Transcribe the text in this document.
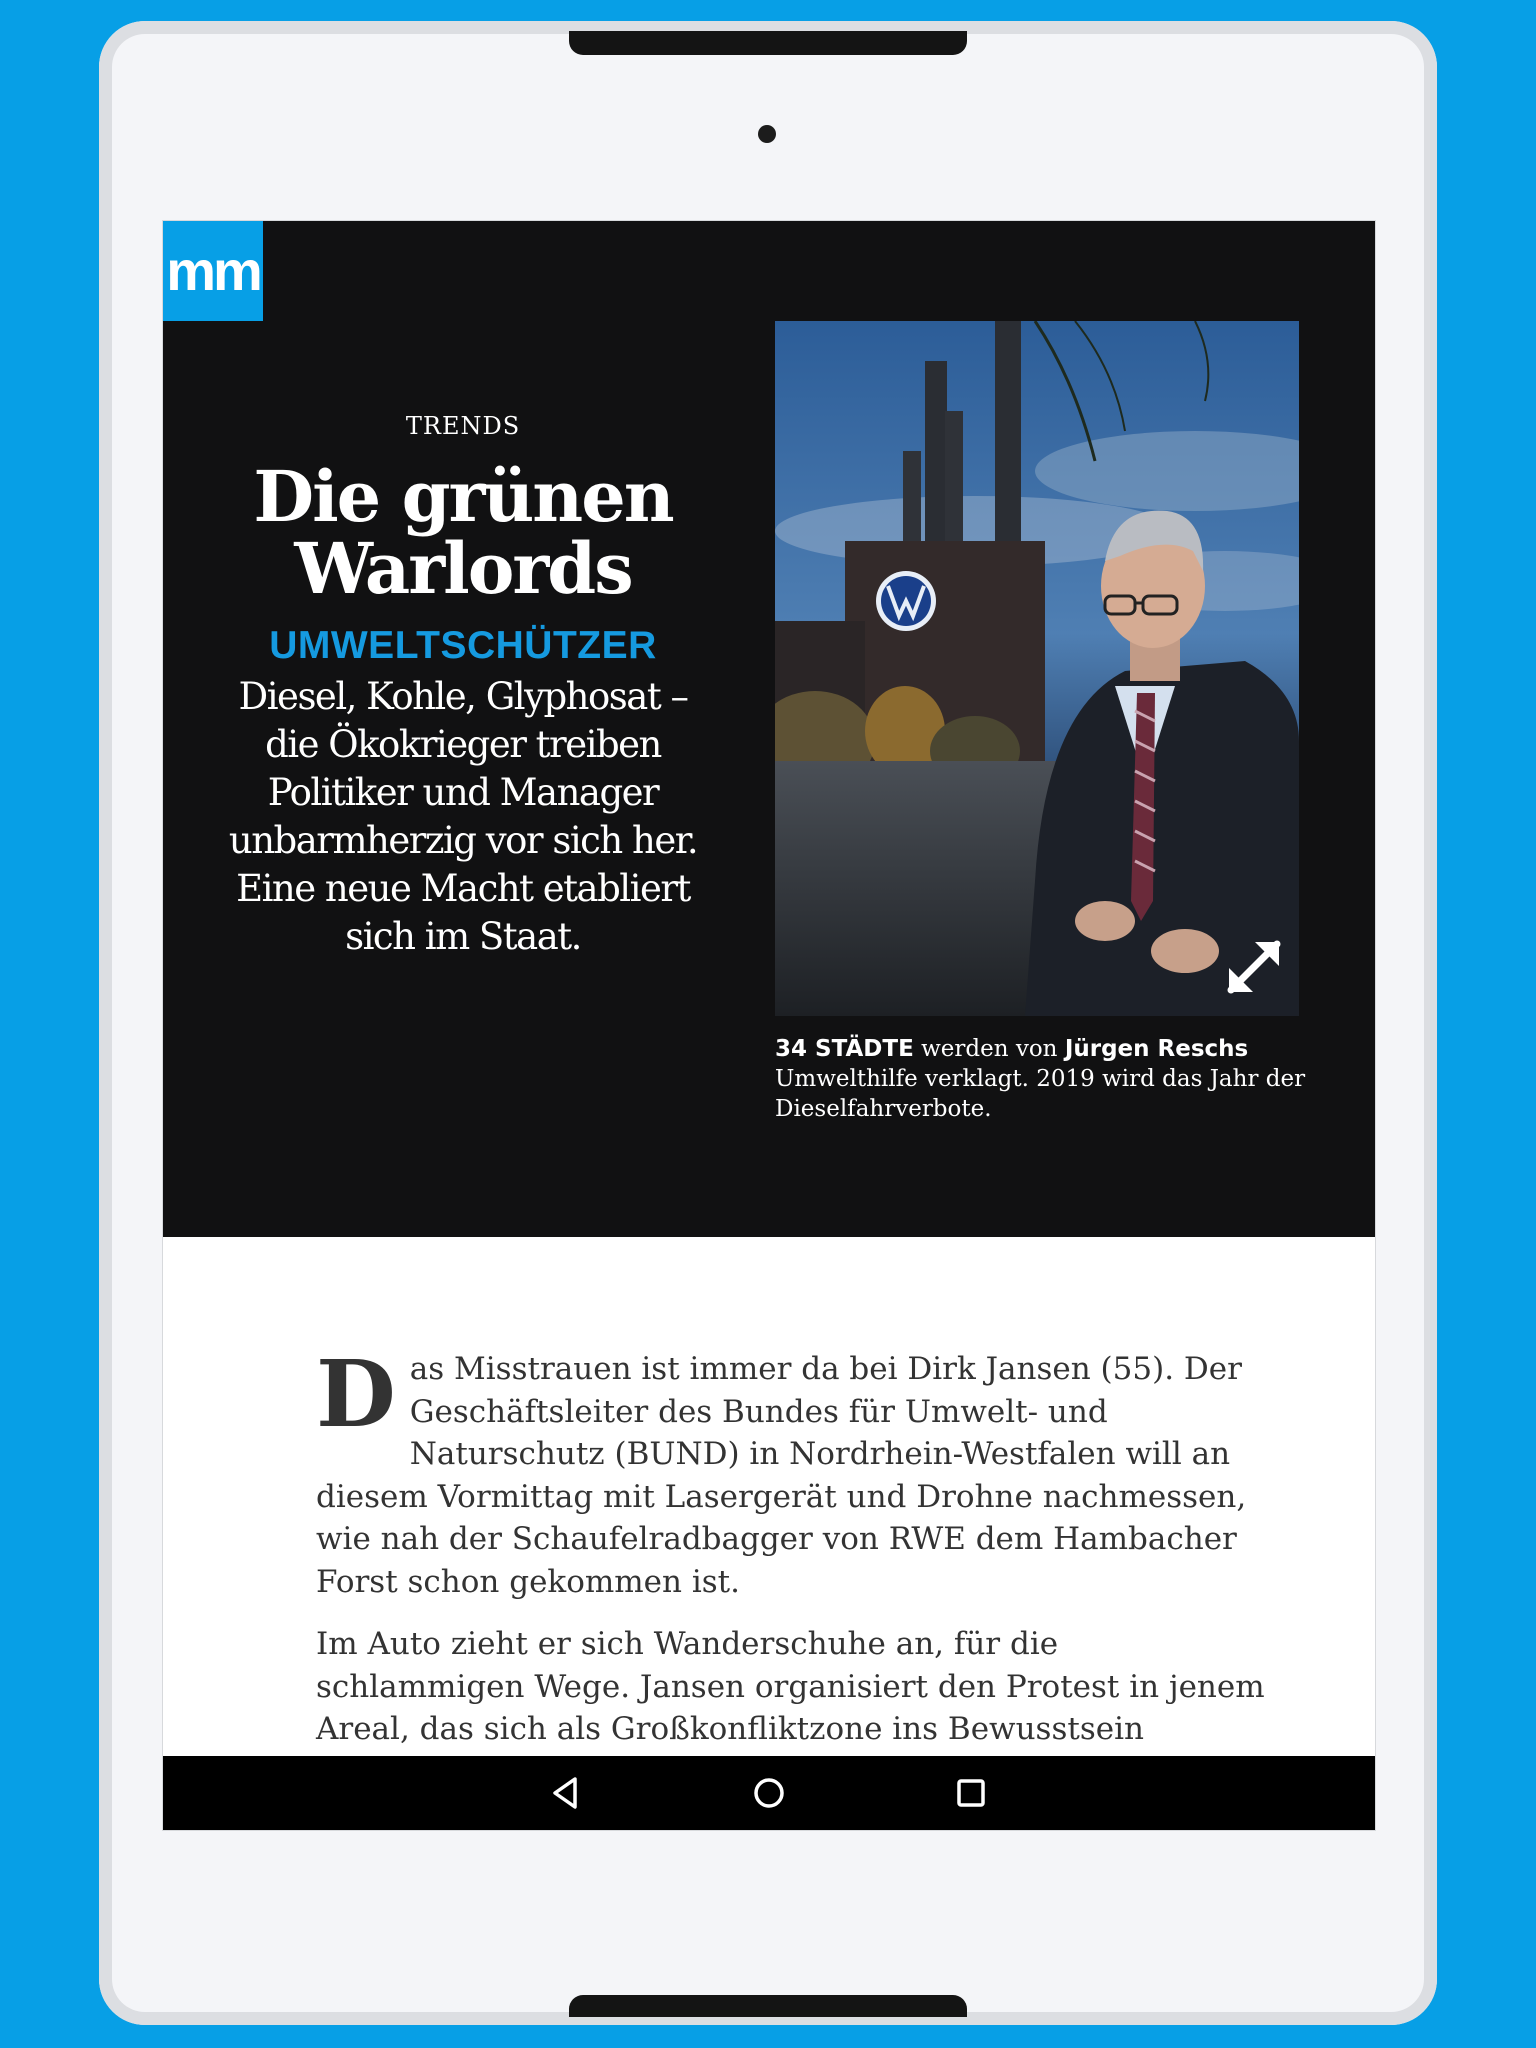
mm
TRENDS
Die grünen
Warlords
UMWELTSCHÜTZER
Diesel, Kohle, Glyphosat – die Ökokrieger treiben Politiker und Manager unbarmherzig vor sich her. Eine neue Macht etabliert sich im Staat.
34 STÄDTE werden von Jürgen Reschs Umwelthilfe verklagt. 2019 wird das Jahr der Dieselfahrverbote.

Das Misstrauen ist immer da bei Dirk Jansen (55). Der Geschäftsleiter des Bundes für Umwelt- und Naturschutz (BUND) in Nordrhein-Westfalen will an diesem Vormittag mit Lasergerät und Drohne nachmessen, wie nah der Schaufelradbagger von RWE dem Hambacher Forst schon gekommen ist.

Im Auto zieht er sich Wanderschuhe an, für die schlammigen Wege. Jansen organisiert den Protest in jenem Areal, das sich als Großkonfliktzone ins Bewusstsein
